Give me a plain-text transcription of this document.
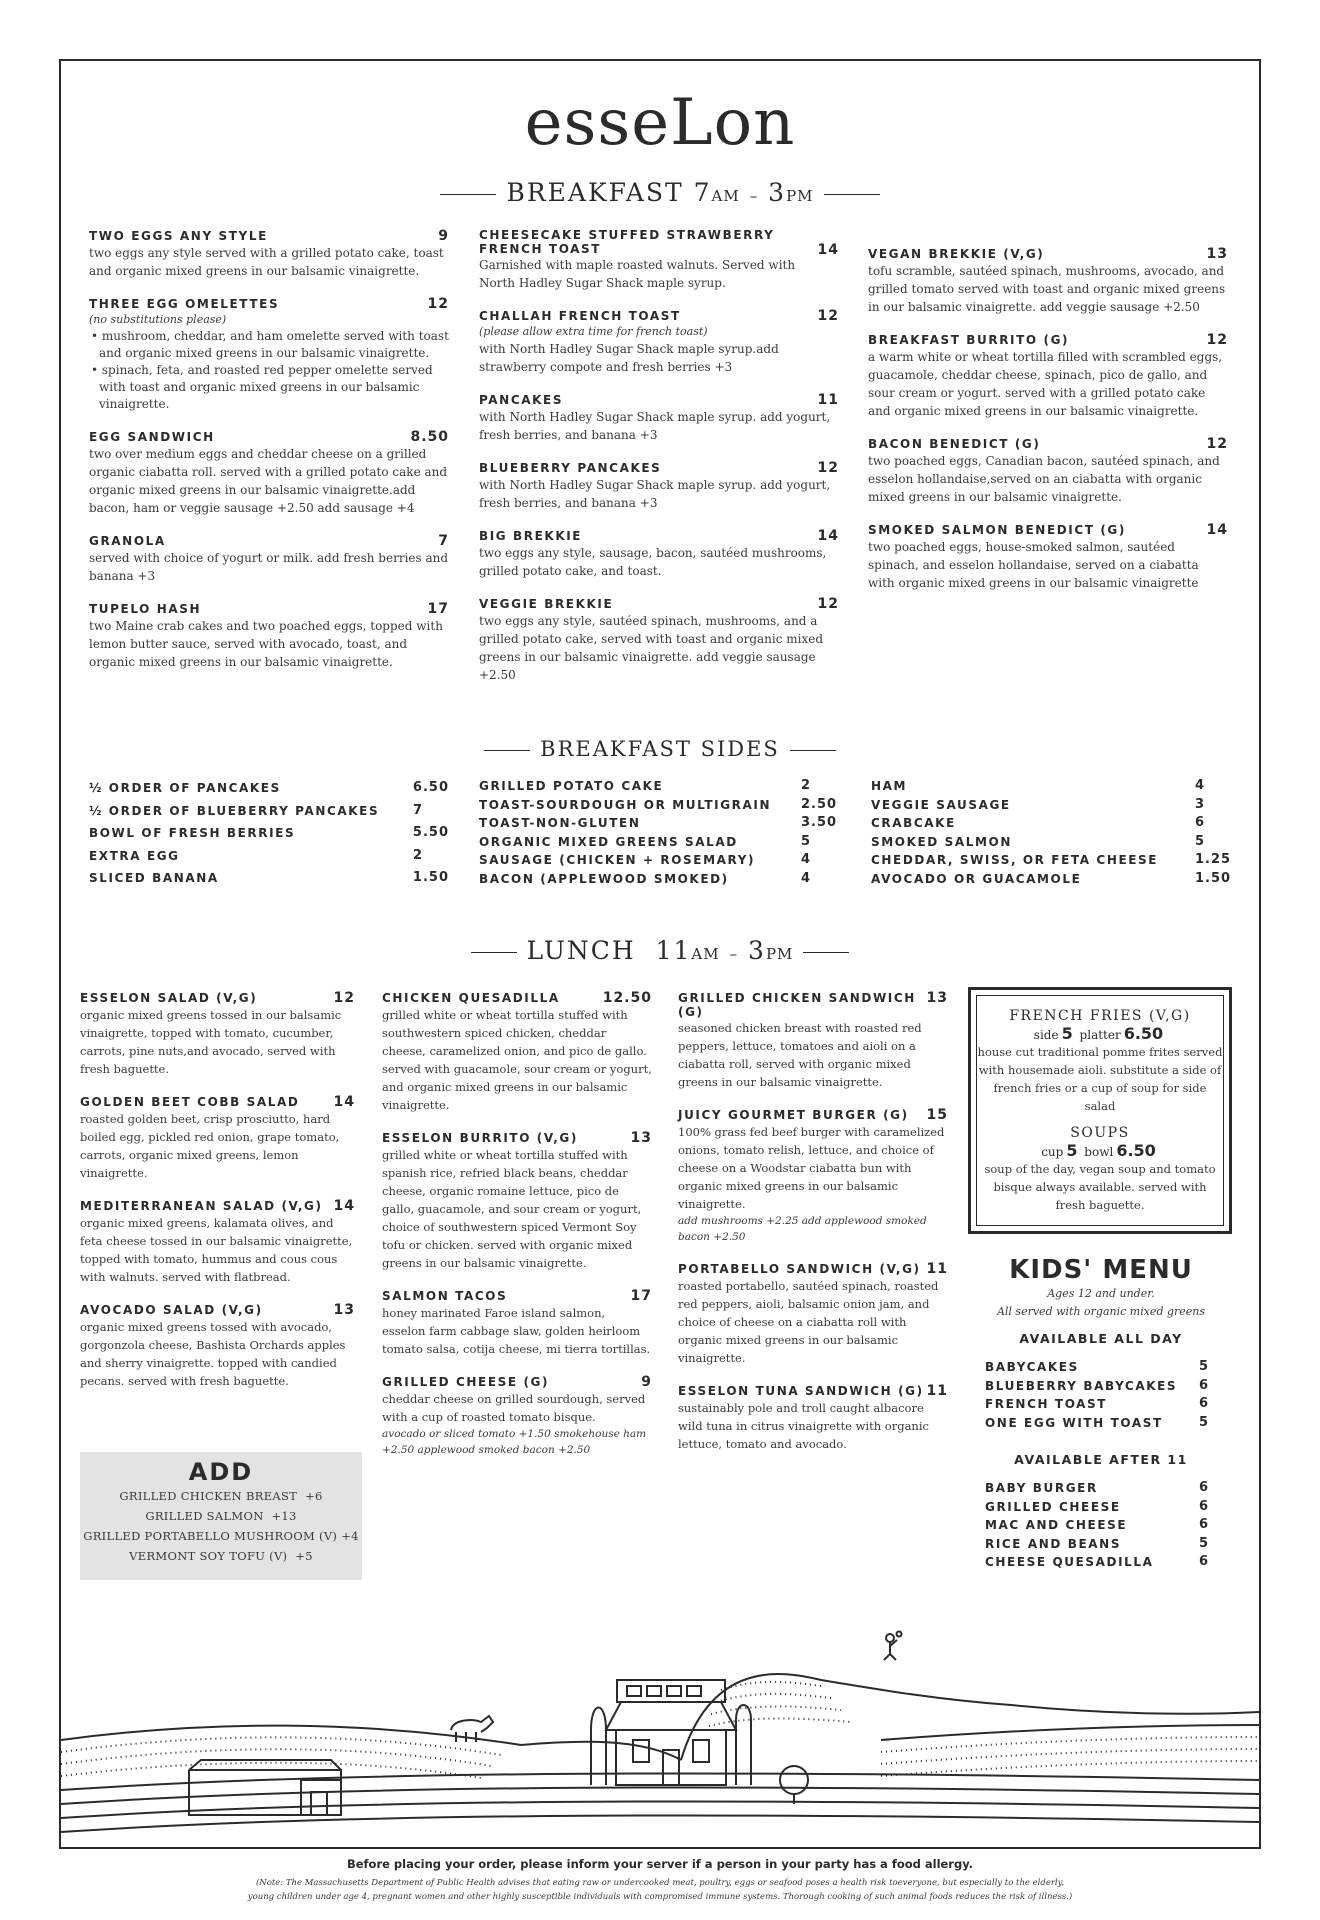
esseLon
BREAKFAST 7AM – 3PM
TWO EGGS ANY STYLE	9
two eggs any style served with a grilled potato cake, toast and organic mixed greens in our balsamic vinaigrette.
THREE EGG OMELETTES	12
(no substitutions please)
• mushroom, cheddar, and ham omelette served with toast and organic mixed greens in our balsamic vinaigrette.
• spinach, feta, and roasted red pepper omelette served with toast and organic mixed greens in our balsamic vinaigrette.
EGG SANDWICH	8.50
two over medium eggs and cheddar cheese on a grilled organic ciabatta roll. served with a grilled potato cake and organic mixed greens in our balsamic vinaigrette.add bacon, ham or veggie sausage +2.50 add sausage +4
GRANOLA	7
served with choice of yogurt or milk. add fresh berries and banana +3
TUPELO HASH	17
two Maine crab cakes and two poached eggs, topped with lemon butter sauce, served with avocado, toast, and organic mixed greens in our balsamic vinaigrette.
CHEESECAKE STUFFED STRAWBERRY FRENCH TOAST	14
Garnished with maple roasted walnuts. Served with North Hadley Sugar Shack maple syrup.
CHALLAH FRENCH TOAST	12
(please allow extra time for french toast)
with North Hadley Sugar Shack maple syrup.add strawberry compote and fresh berries +3
PANCAKES	11
with North Hadley Sugar Shack maple syrup. add yogurt, fresh berries, and banana +3
BLUEBERRY PANCAKES	12
with North Hadley Sugar Shack maple syrup. add yogurt, fresh berries, and banana +3
BIG BREKKIE	14
two eggs any style, sausage, bacon, sautéed mushrooms, grilled potato cake, and toast.
VEGGIE BREKKIE	12
two eggs any style, sautéed spinach, mushrooms, and a grilled potato cake, served with toast and organic mixed greens in our balsamic vinaigrette. add veggie sausage +2.50
VEGAN BREKKIE (V,G)	13
tofu scramble, sautéed spinach, mushrooms, avocado, and grilled tomato served with toast and organic mixed greens in our balsamic vinaigrette. add veggie sausage +2.50
BREAKFAST BURRITO (G)	12
a warm white or wheat tortilla filled with scrambled eggs, guacamole, cheddar cheese, spinach, pico de gallo, and sour cream or yogurt. served with a grilled potato cake and organic mixed greens in our balsamic vinaigrette.
BACON BENEDICT (G)	12
two poached eggs, Canadian bacon, sautéed spinach, and esselon hollandaise,served on an ciabatta with organic mixed greens in our balsamic vinaigrette.
SMOKED SALMON BENEDICT (G)	14
two poached eggs, house-smoked salmon, sautéed spinach, and esselon hollandaise, served on a ciabatta with organic mixed greens in our balsamic vinaigrette
BREAKFAST SIDES
½ ORDER OF PANCAKES	6.50
½ ORDER OF BLUEBERRY PANCAKES	7
BOWL OF FRESH BERRIES	5.50
EXTRA EGG	2
SLICED BANANA	1.50
GRILLED POTATO CAKE	2
TOAST-SOURDOUGH OR MULTIGRAIN 2.50
TOAST-NON-GLUTEN	3.50
ORGANIC MIXED GREENS SALAD	5
SAUSAGE (CHICKEN + ROSEMARY)	4
BACON (APPLEWOOD SMOKED)	4
HAM	4
VEGGIE SAUSAGE	3
CRABCAKE	6
SMOKED SALMON	5
CHEDDAR, SWISS, OR FETA CHEESE	1.25
AVOCADO OR GUACAMOLE	1.50
LUNCH 11AM – 3PM
ESSELON SALAD (V,G)	12
organic mixed greens tossed in our balsamic vinaigrette, topped with tomato, cucumber, carrots, pine nuts,and avocado, served with fresh baguette.
GOLDEN BEET COBB SALAD 14
roasted golden beet, crisp prosciutto, hard boiled egg, pickled red onion, grape tomato, carrots, organic mixed greens, lemon vinaigrette.
MEDITERRANEAN SALAD (V,G) 14
organic mixed greens, kalamata olives, and feta cheese tossed in our balsamic vinaigrette, topped with tomato, hummus and cous cous with walnuts. served with flatbread.
AVOCADO SALAD (V,G)	13
organic mixed greens tossed with avocado, gorgonzola cheese, Bashista Orchards apples and sherry vinaigrette. topped with candied pecans. served with fresh baguette.
CHICKEN QUESADILLA	12.50
grilled white or wheat tortilla stuffed with southwestern spiced chicken, cheddar cheese, caramelized onion, and pico de gallo. served with guacamole, sour cream or yogurt, and organic mixed greens in our balsamic vinaigrette.
ESSELON BURRITO (V,G)	13
grilled white or wheat tortilla stuffed with spanish rice, refried black beans, cheddar cheese, organic romaine lettuce, pico de gallo, guacamole, and sour cream or yogurt, choice of southwestern spiced Vermont Soy tofu or chicken. served with organic mixed greens in our balsamic vinaigrette.
SALMON TACOS	17
honey marinated Faroe island salmon, esselon farm cabbage slaw, golden heirloom tomato salsa, cotija cheese, mi tierra tortillas.
GRILLED CHEESE (G)	9
cheddar cheese on grilled sourdough, served with a cup of roasted tomato bisque.
avocado or sliced tomato +1.50 smokehouse ham +2.50 applewood smoked bacon +2.50
GRILLED CHICKEN SANDWICH (G)
13
seasoned chicken breast with roasted red peppers, lettuce, tomatoes and aioli on a ciabatta roll, served with organic mixed greens in our balsamic vinaigrette.
JUICY GOURMET BURGER (G) 15
100% grass fed beef burger with caramelized onions, tomato relish, lettuce, and choice of cheese on a Woodstar ciabatta bun with organic mixed greens in our balsamic vinaigrette.
add mushrooms +2.25 add applewood smoked bacon +2.50
PORTABELLO SANDWICH (V,G) 11
roasted portabello, sautéed spinach, roasted red peppers, aioli, balsamic onion jam, and choice of cheese on a ciabatta roll with organic mixed greens in our balsamic vinaigrette.
ESSELON TUNA SANDWICH (G) 11
sustainably pole and troll caught albacore wild tuna in citrus vinaigrette with organic lettuce, tomato and avocado.
FRENCH FRIES (V,G)
side 5 platter 6.50
house cut traditional pomme frites served with housemade aioli. substitute a side of french fries or a cup of soup for side salad
SOUPS
cup 5 bowl 6.50
soup of the day, vegan soup and tomato bisque always available. served with fresh baguette.
ADD
GRILLED CHICKEN BREAST +6
GRILLED SALMON +13
GRILLED PORTABELLO MUSHROOM (V) +4
VERMONT SOY TOFU (V) +5
KIDS' MENU
Ages 12 and under.
All served with organic mixed greens
AVAILABLE ALL DAY
BABYCAKES	5
BLUEBERRY BABYCAKES 6
FRENCH TOAST	6
ONE EGG WITH TOAST	5
AVAILABLE AFTER 11
BABY BURGER	6
GRILLED CHEESE	6
MAC AND CHEESE	6
RICE AND BEANS	5
CHEESE QUESADILLA	6
Before placing your order, please inform your server if a person in your party has a food allergy.
(Note: The Massachusetts Department of Public Health advises that eating raw or undercooked meat, poultry, eggs or seafood poses a health risk toeveryone, but especially to the elderly,
young children under age 4, pregnant women and other highly susceptible individuals with compromised immune systems. Thorough cooking of such animal foods reduces the risk of illness.)
